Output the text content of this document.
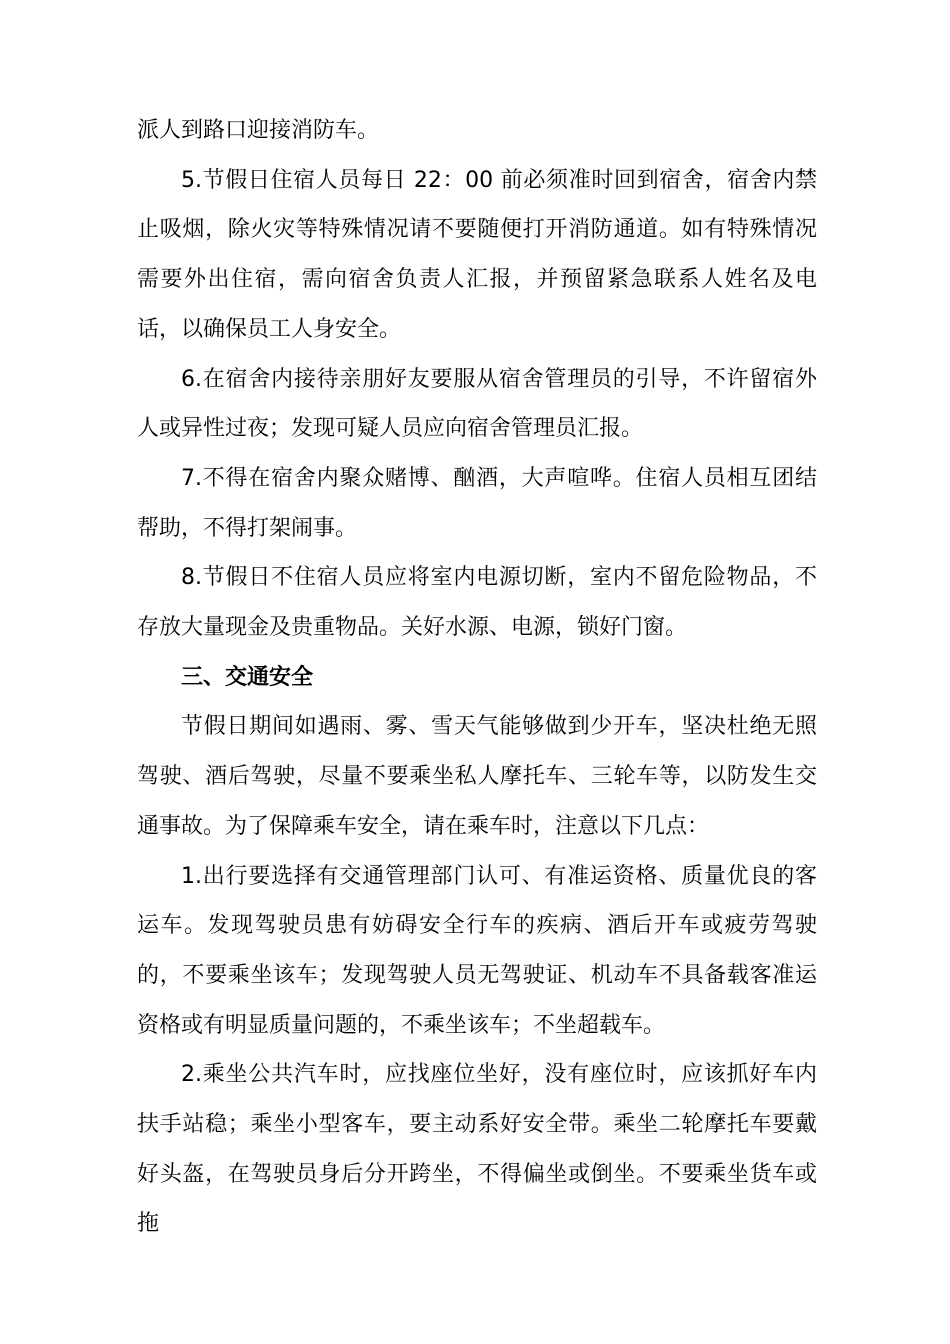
派人到路口迎接消防车。

5.节假日住宿人员每日 22：00 前必须准时回到宿舍，宿舍内禁止吸烟，除火灾等特殊情况请不要随便打开消防通道。如有特殊情况需要外出住宿，需向宿舍负责人汇报，并预留紧急联系人姓名及电话，以确保员工人身安全。

6.在宿舍内接待亲朋好友要服从宿舍管理员的引导，不许留宿外人或异性过夜；发现可疑人员应向宿舍管理员汇报。

7.不得在宿舍内聚众赌博、酗酒，大声喧哗。住宿人员相互团结帮助，不得打架闹事。

8.节假日不住宿人员应将室内电源切断，室内不留危险物品，不存放大量现金及贵重物品。关好水源、电源，锁好门窗。

三、交通安全

节假日期间如遇雨、雾、雪天气能够做到少开车，坚决杜绝无照驾驶、酒后驾驶，尽量不要乘坐私人摩托车、三轮车等，以防发生交通事故。为了保障乘车安全，请在乘车时，注意以下几点：

1.出行要选择有交通管理部门认可、有准运资格、质量优良的客运车。发现驾驶员患有妨碍安全行车的疾病、酒后开车或疲劳驾驶的，不要乘坐该车；发现驾驶人员无驾驶证、机动车不具备载客准运资格或有明显质量问题的，不乘坐该车；不坐超载车。

2.乘坐公共汽车时，应找座位坐好，没有座位时，应该抓好车内扶手站稳；乘坐小型客车，要主动系好安全带。乘坐二轮摩托车要戴好头盔，在驾驶员身后分开跨坐，不得偏坐或倒坐。不要乘坐货车或拖
